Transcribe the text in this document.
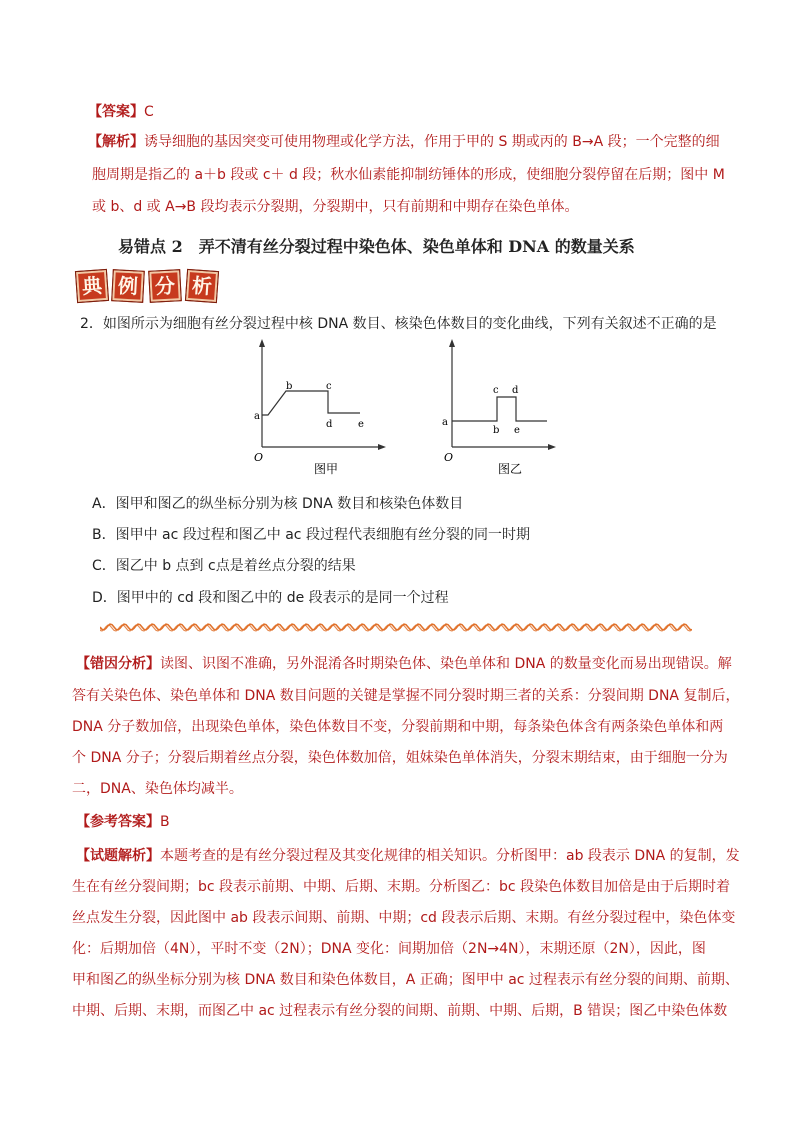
【答案】C
【解析】诱导细胞的基因突变可使用物理或化学方法，作用于甲的 S 期或丙的 B→A 段；一个完整的细
胞周期是指乙的 a＋b 段或 c＋ d 段；秋水仙素能抑制纺锤体的形成，使细胞分裂停留在后期；图中 M
或 b、d 或 A→B 段均表示分裂期，分裂期中，只有前期和中期存在染色单体。
易错点 2　弄不清有丝分裂过程中染色体、染色单体和 DNA 的数量关系
典 例 分 析
2．如图所示为细胞有丝分裂过程中核 DNA 数目、核染色体数目的变化曲线，下列有关叙述不正确的是
a
b	c
d	e
O
图甲
a
b
c d
e
O
图乙
A．图甲和图乙的纵坐标分别为核 DNA 数目和核染色体数目
B．图甲中 ac 段过程和图乙中 ac 段过程代表细胞有丝分裂的同一时期
C．图乙中 b 点到 c点是着丝点分裂的结果
D．图甲中的 cd 段和图乙中的 de 段表示的是同一个过程
【错因分析】读图、识图不准确，另外混淆各时期染色体、染色单体和 DNA 的数量变化而易出现错误。解
答有关染色体、染色单体和 DNA 数目问题的关键是掌握不同分裂时期三者的关系：分裂间期 DNA 复制后，
DNA 分子数加倍，出现染色单体，染色体数目不变，分裂前期和中期，每条染色体含有两条染色单体和两
个 DNA 分子；分裂后期着丝点分裂，染色体数加倍，姐妹染色单体消失，分裂末期结束，由于细胞一分为
二，DNA、染色体均减半。
【参考答案】B
【试题解析】本题考查的是有丝分裂过程及其变化规律的相关知识。分析图甲：ab 段表示 DNA 的复制，发
生在有丝分裂间期；bc 段表示前期、中期、后期、末期。分析图乙：bc 段染色体数目加倍是由于后期时着
丝点发生分裂，因此图中 ab 段表示间期、前期、中期；cd 段表示后期、末期。有丝分裂过程中，染色体变
化：后期加倍（4N），平时不变（2N）；DNA 变化：间期加倍（2N→4N），末期还原（2N），因此，图
甲和图乙的纵坐标分别为核 DNA 数目和染色体数目，A 正确；图甲中 ac 过程表示有丝分裂的间期、前期、
中期、后期、末期，而图乙中 ac 过程表示有丝分裂的间期、前期、中期、后期，B 错误；图乙中染色体数
